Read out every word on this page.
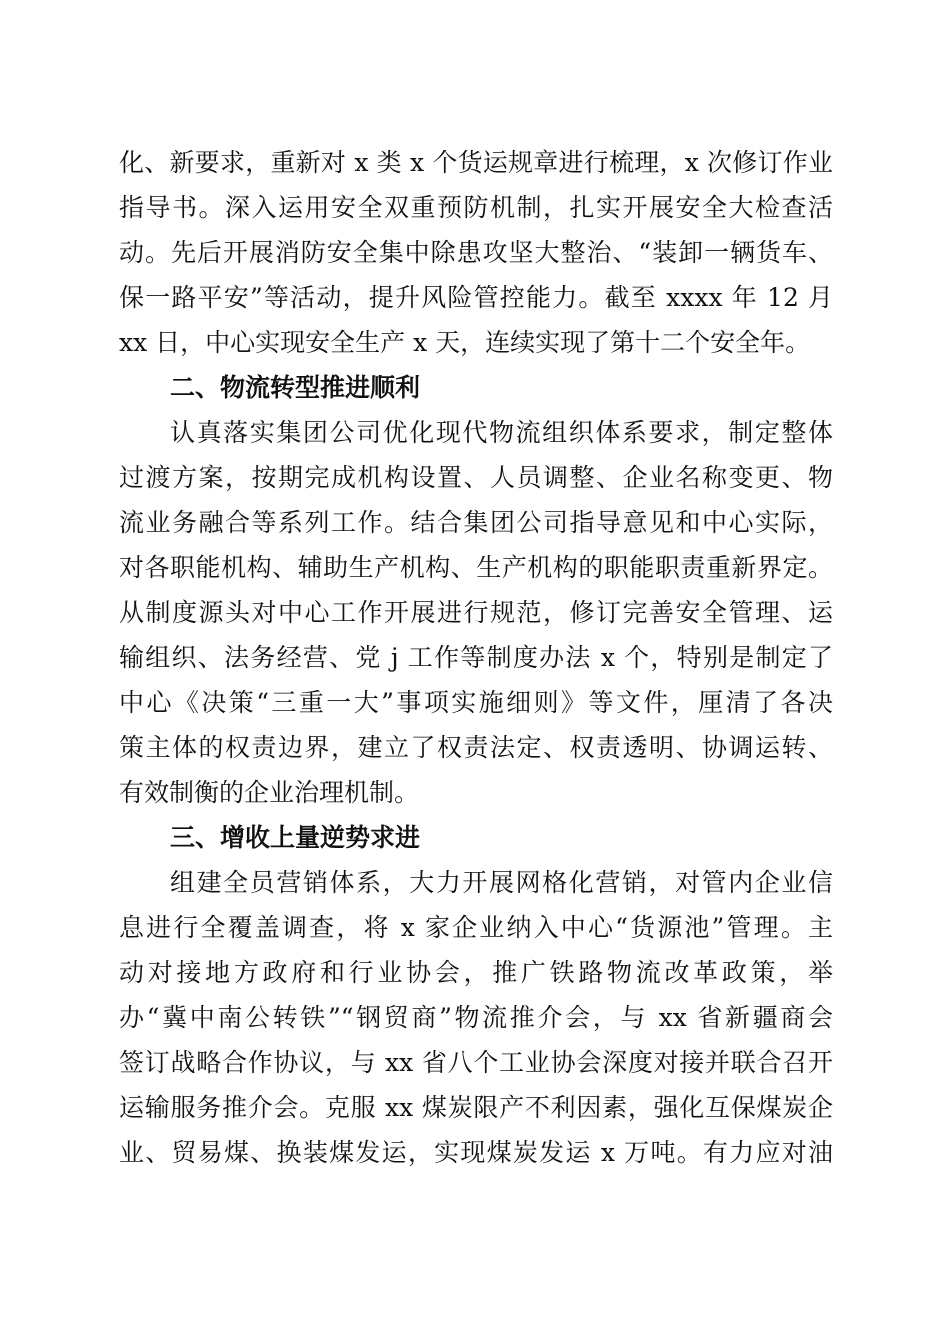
化、新要求，重新对 x 类 x 个货运规章进行梳理，x 次修订作业
指导书。深入运用安全双重预防机制，扎实开展安全大检查活
动。先后开展消防安全集中除患攻坚大整治、“装卸一辆货车、
保一路平安”等活动，提升风险管控能力。截至 xxxx 年 12 月
xx 日，中心实现安全生产 x 天，连续实现了第十二个安全年。
二、物流转型推进顺利
认真落实集团公司优化现代物流组织体系要求，制定整体
过渡方案，按期完成机构设置、人员调整、企业名称变更、物
流业务融合等系列工作。结合集团公司指导意见和中心实际，
对各职能机构、辅助生产机构、生产机构的职能职责重新界定。
从制度源头对中心工作开展进行规范，修订完善安全管理、运
输组织、法务经营、党 j 工作等制度办法 x 个，特别是制定了
中心《决策“三重一大”事项实施细则》等文件，厘清了各决
策主体的权责边界，建立了权责法定、权责透明、协调运转、
有效制衡的企业治理机制。
三、增收上量逆势求进
组建全员营销体系，大力开展网格化营销，对管内企业信
息进行全覆盖调查，将 x 家企业纳入中心“货源池”管理。主
动对接地方政府和行业协会，推广铁路物流改革政策，举
办“冀中南公转铁”“钢贸商”物流推介会，与 xx 省新疆商会
签订战略合作协议，与 xx 省八个工业协会深度对接并联合召开
运输服务推介会。克服 xx 煤炭限产不利因素，强化互保煤炭企
业、贸易煤、换装煤发运，实现煤炭发运 x 万吨。有力应对油
